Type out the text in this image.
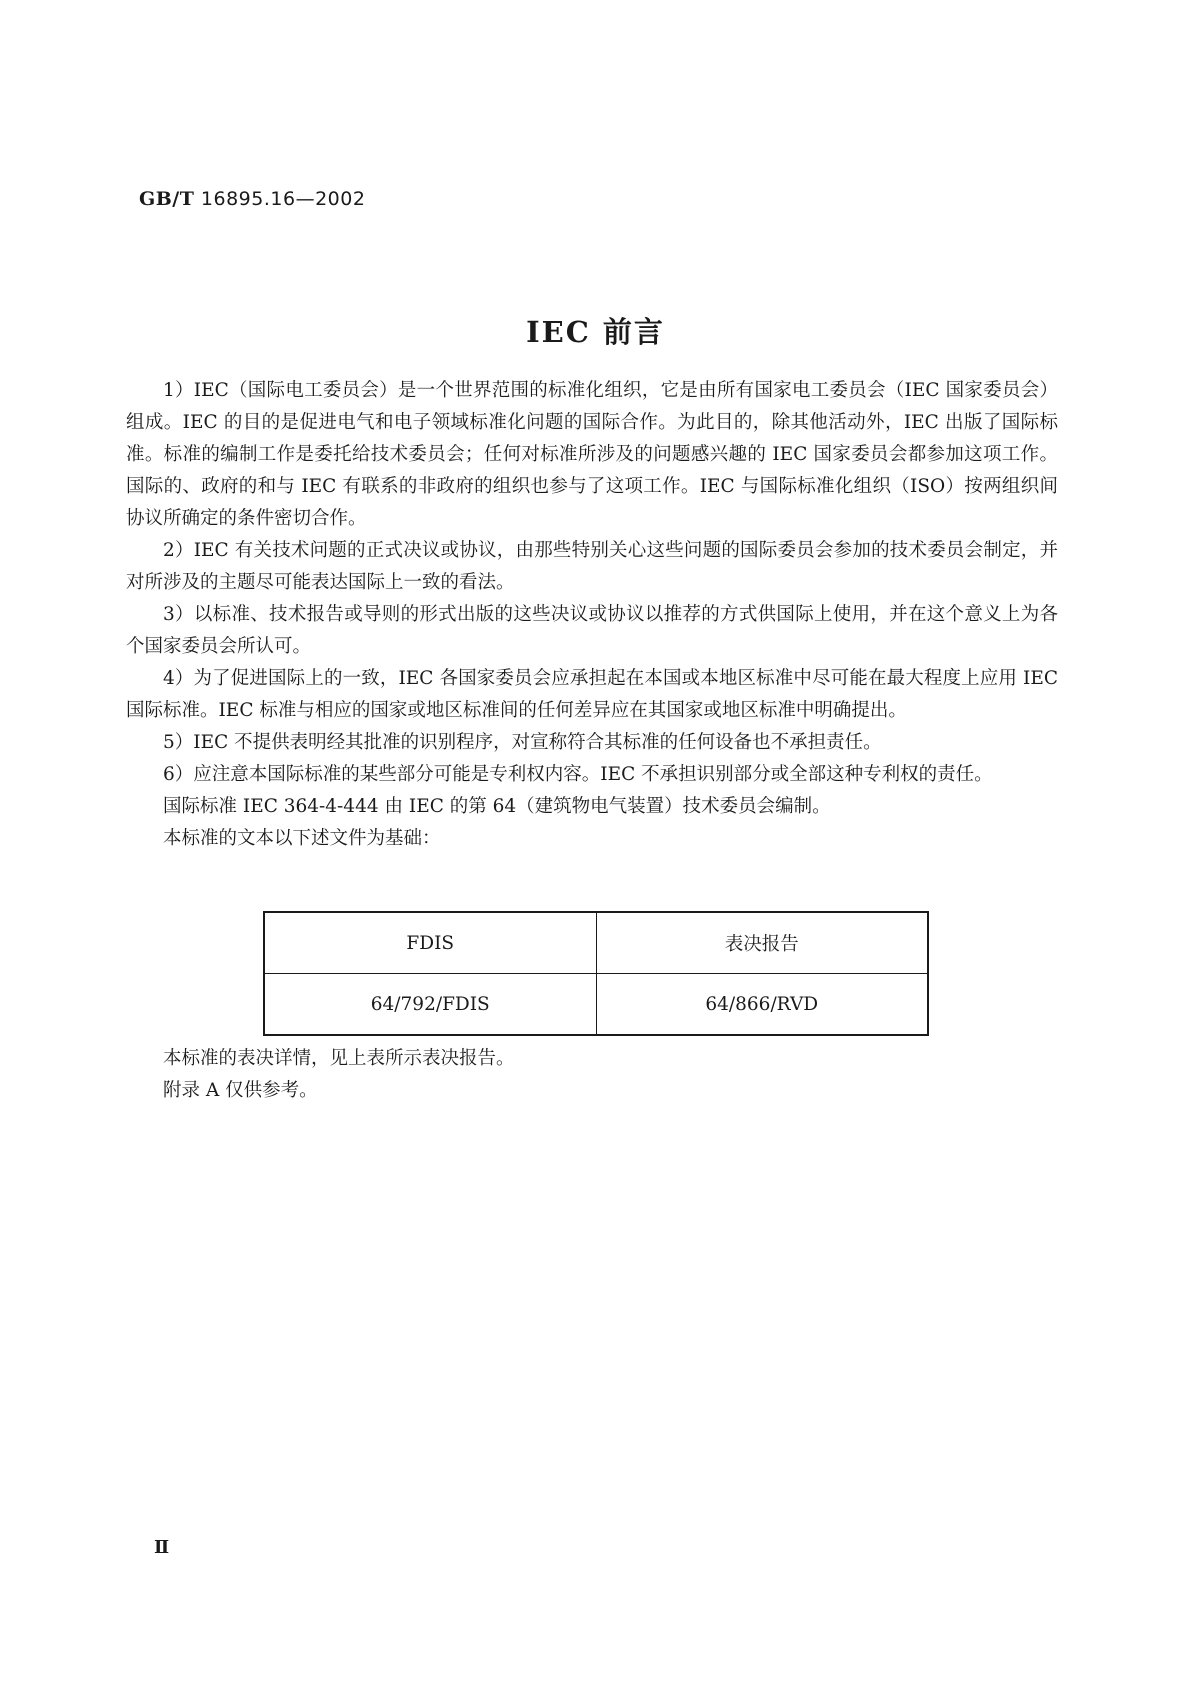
GB/T 16895.16—2002
IEC 前言

1）IEC（国际电工委员会）是一个世界范围的标准化组织，它是由所有国家电工委员会（IEC 国家委员会）组成。IEC 的目的是促进电气和电子领域标准化问题的国际合作。为此目的，除其他活动外，IEC 出版了国际标准。标准的编制工作是委托给技术委员会；任何对标准所涉及的问题感兴趣的 IEC 国家委员会都参加这项工作。国际的、政府的和与 IEC 有联系的非政府的组织也参与了这项工作。IEC 与国际标准化组织（ISO）按两组织间协议所确定的条件密切合作。

2）IEC 有关技术问题的正式决议或协议，由那些特别关心这些问题的国际委员会参加的技术委员会制定，并对所涉及的主题尽可能表达国际上一致的看法。

3）以标准、技术报告或导则的形式出版的这些决议或协议以推荐的方式供国际上使用，并在这个意义上为各个国家委员会所认可。

4）为了促进国际上的一致，IEC 各国家委员会应承担起在本国或本地区标准中尽可能在最大程度上应用 IEC 国际标准。IEC 标准与相应的国家或地区标准间的任何差异应在其国家或地区标准中明确提出。

5）IEC 不提供表明经其批准的识别程序，对宣称符合其标准的任何设备也不承担责任。

6）应注意本国际标准的某些部分可能是专利权内容。IEC 不承担识别部分或全部这种专利权的责任。

国际标准 IEC 364-4-444 由 IEC 的第 64（建筑物电气装置）技术委员会编制。

本标准的文本以下述文件为基础：

FDIS	表决报告
64/792/FDIS	64/866/RVD

本标准的表决详情，见上表所示表决报告。

附录 A 仅供参考。

Ⅱ
